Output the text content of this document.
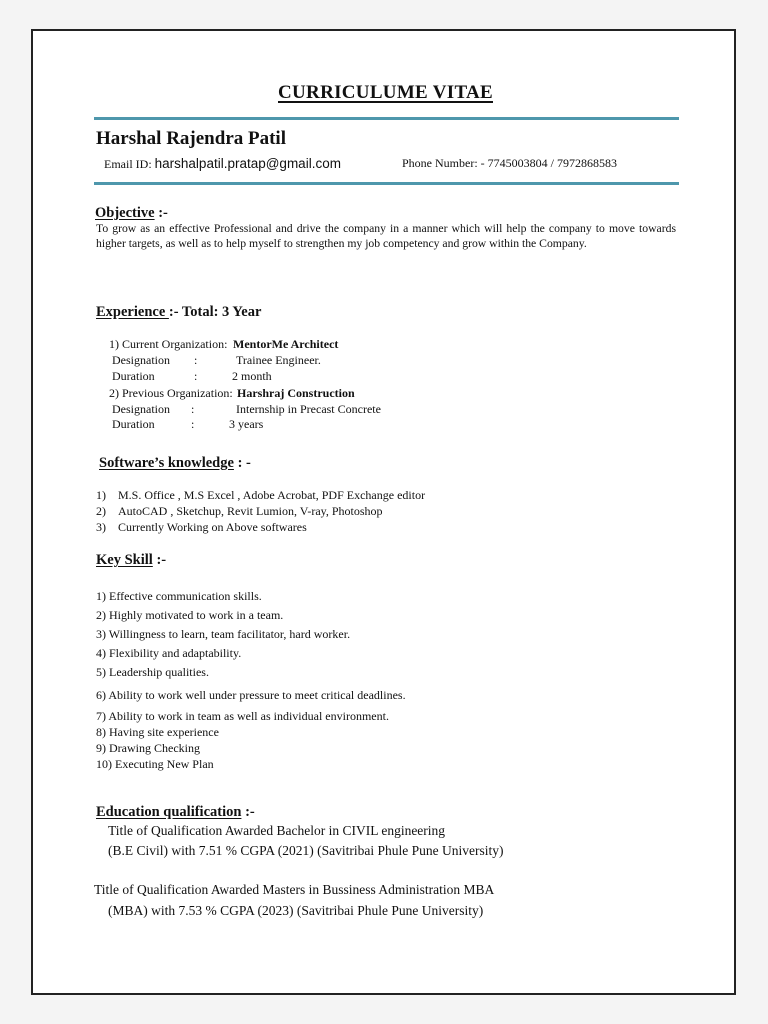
CURRICULUME VITAE
Harshal Rajendra Patil
Email ID: harshalpatil.pratap@gmail.com	Phone Number: - 7745003804 / 7972868583
Objective :-
To grow as an effective Professional and drive the company in a manner which will help the company to move towards higher targets, as well as to help myself to strengthen my job competency and grow within the Company.
Experience :- Total: 3 Year
1) Current Organization: MentorMe Architect
Designation :	Trainee Engineer.
Duration	:	2 month
2) Previous Organization: Harshraj Construction
Designation :	Internship in Precast Concrete
Duration	:	3 years
Software’s knowledge : -
1) M.S. Office , M.S Excel , Adobe Acrobat, PDF Exchange editor
2) AutoCAD , Sketchup, Revit Lumion, V-ray, Photoshop
3) Currently Working on Above softwares
Key Skill :-
1) Effective communication skills.
2) Highly motivated to work in a team.
3) Willingness to learn, team facilitator, hard worker.
4) Flexibility and adaptability.
5) Leadership qualities.
6) Ability to work well under pressure to meet critical deadlines.
7) Ability to work in team as well as individual environment.
8) Having site experience
9) Drawing Checking
10) Executing New Plan
Education qualification :-
Title of Qualification Awarded Bachelor in CIVIL engineering
(B.E Civil) with 7.51 % CGPA (2021) (Savitribai Phule Pune University)
Title of Qualification Awarded Masters in Bussiness Administration MBA
(MBA) with 7.53 % CGPA (2023) (Savitribai Phule Pune University)
